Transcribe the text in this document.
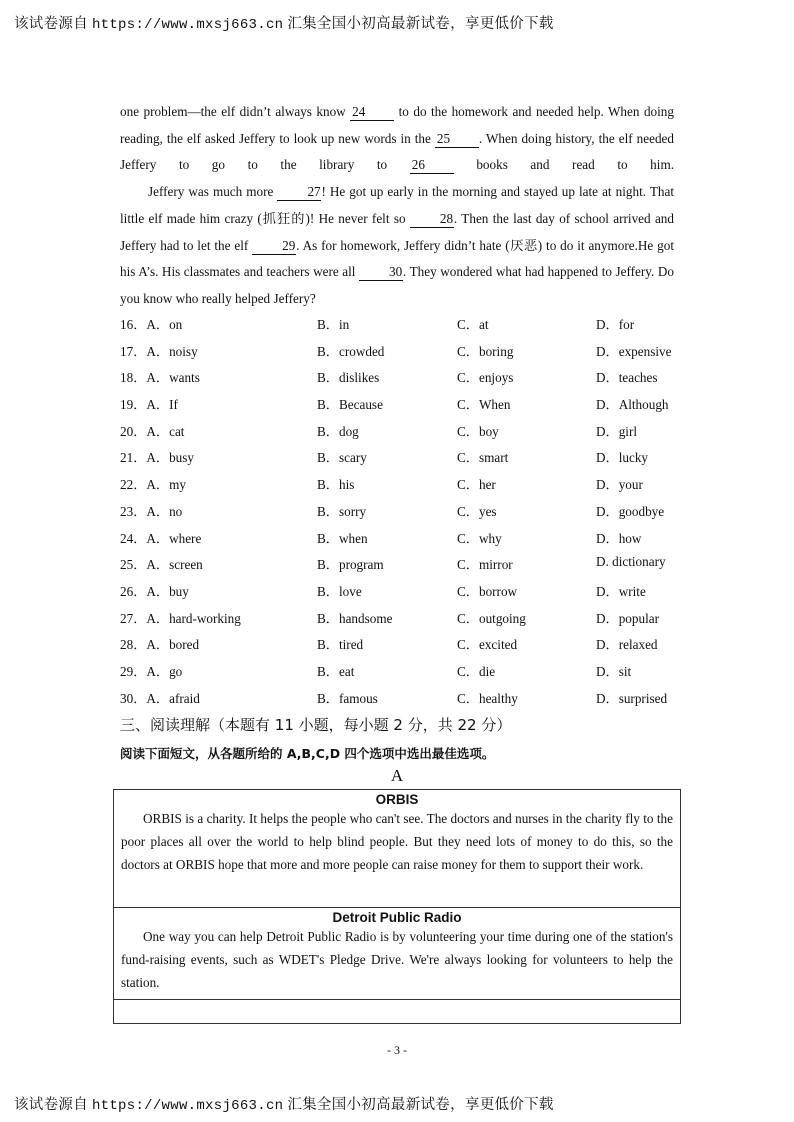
该试卷源自 https://www.mxsj663.cn 汇集全国小初高最新试卷，享更低价下载

one problem—the elf didn’t always know 24 to do the homework and needed help. When doing reading, the elf asked Jeffery to look up new words in the 25 . When doing history, the elf needed Jeffery to go to the library to 26 books and read to him.

Jeffery was much more 27! He got up early in the morning and stayed up late at night. That little elf made him crazy (抓狂的)! He never felt so 28. Then the last day of school arrived and Jeffery had to let the elf 29. As for homework, Jeffery didn’t hate (厌恶) to do it anymore.He got his A’s. His classmates and teachers were all 30. They wondered what had happened to Jeffery. Do you know who really helped Jeffery?

16．A．on	B．in	C．at	D．for
17．A．noisy	B．crowded	C．boring	D．expensive
18．A．wants	B．dislikes	C．enjoys	D．teaches
19．A．If	B．Because	C．When	D．Although
20．A．cat	B．dog	C．boy	D．girl
21．A．busy	B．scary	C．smart	D．lucky
22．A．my	B．his	C．her	D．your
23．A．no	B．sorry	C．yes	D．goodbye
24．A．where	B．when	C．why	D．how
25．A．screen	B．program	C．mirror	D. dictionary
26．A．buy	B．love	C．borrow	D．write
27．A．hard-working	B．handsome	C．outgoing	D．popular
28．A．bored	B．tired	C．excited	D．relaxed
29．A．go	B．eat	C．die	D．sit
30．A．afraid	B．famous	C．healthy	D．surprised
三、阅读理解（本题有 11 小题，每小题 2 分，共 22 分）
阅读下面短文，从各题所给的 A,B,C,D 四个选项中选出最佳选项。
A
ORBIS
ORBIS is a charity. It helps the people who can't see. The doctors and nurses in the charity fly to the poor places all over the world to help blind people. But they need lots of money to do this, so the doctors at ORBIS hope that more and more people can raise money for them to support their work.
Detroit Public Radio
One way you can help Detroit Public Radio is by volunteering your time during one of the station's fund-raising events, such as WDET's Pledge Drive. We're always looking for volunteers to help the station.
- 3 -
该试卷源自 https://www.mxsj663.cn 汇集全国小初高最新试卷，享更低价下载
